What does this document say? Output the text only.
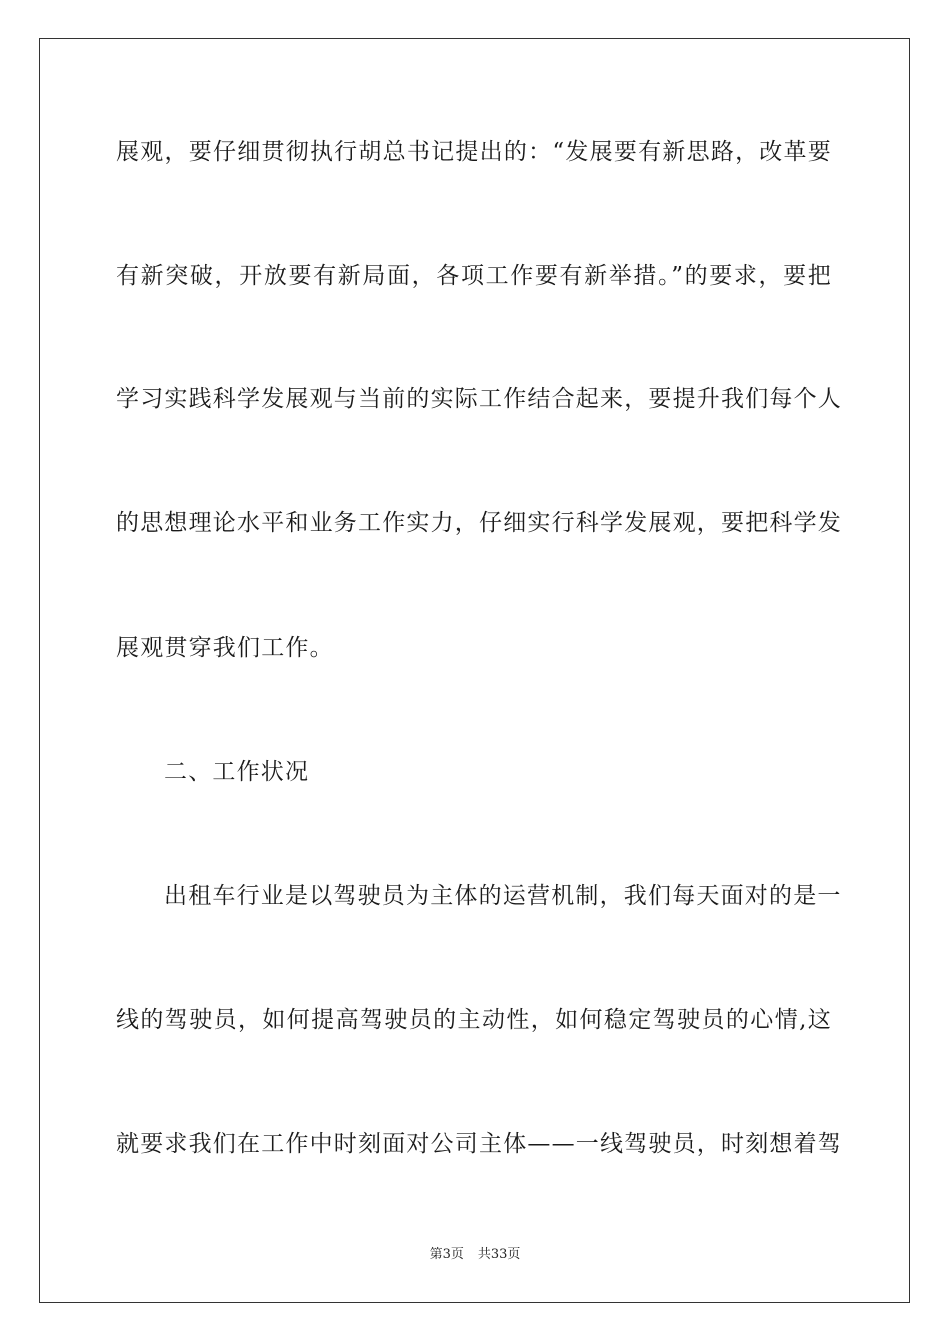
展观，要仔细贯彻执行胡总书记提出的：“发展要有新思路，改革要
有新突破，开放要有新局面，各项工作要有新举措。”的要求，要把
学习实践科学发展观与当前的实际工作结合起来，要提升我们每个人
的思想理论水平和业务工作实力，仔细实行科学发展观，要把科学发
展观贯穿我们工作。
二、工作状况
出租车行业是以驾驶员为主体的运营机制，我们每天面对的是一
线的驾驶员，如何提高驾驶员的主动性，如何稳定驾驶员的心情,这
就要求我们在工作中时刻面对公司主体——一线驾驶员，时刻想着驾
第3页 共33页
